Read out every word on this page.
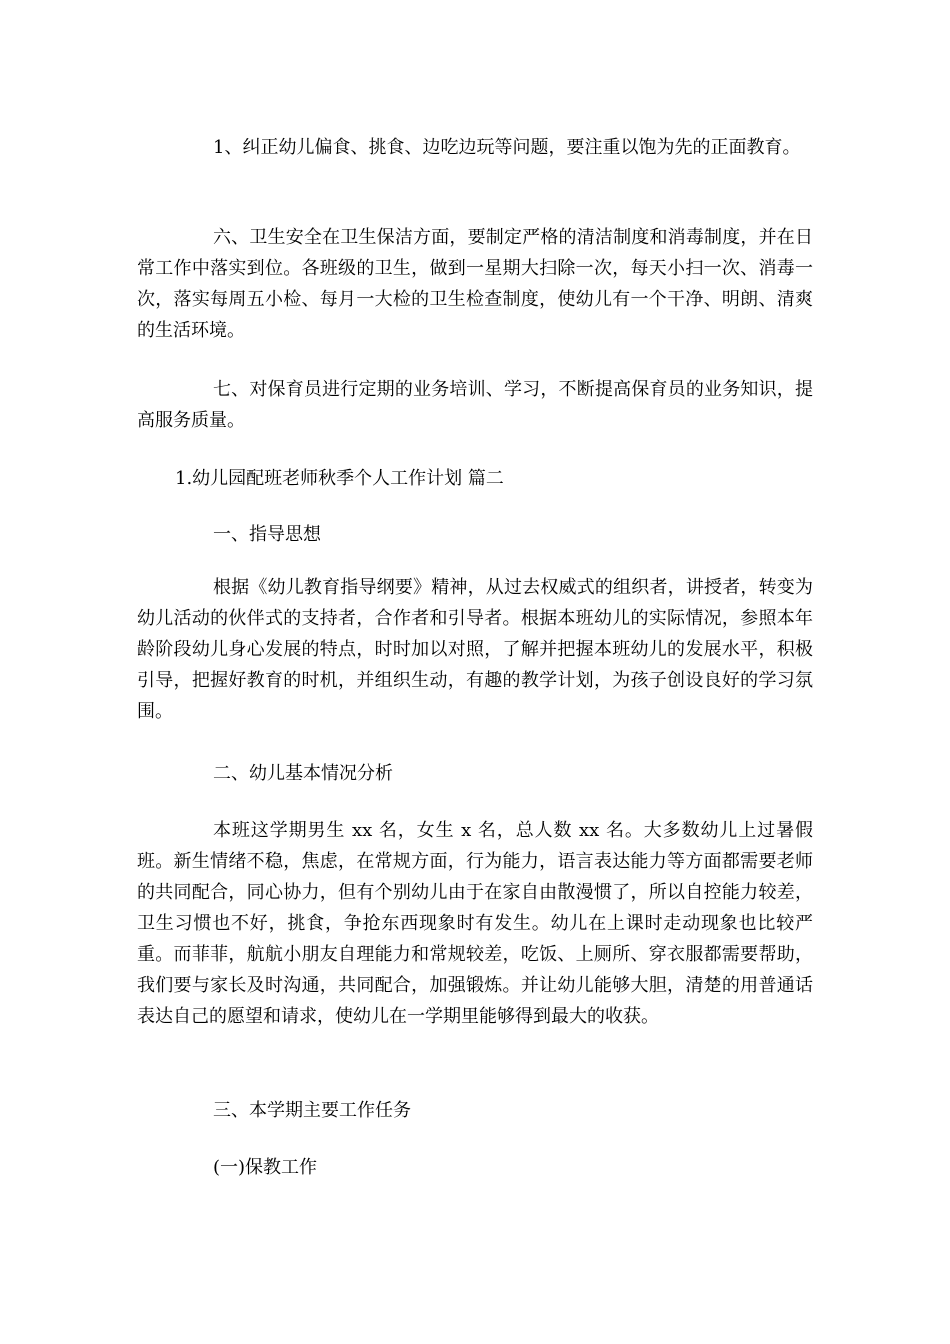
1、纠正幼儿偏食、挑食、边吃边玩等问题，要注重以饱为先的正面教育。

六、卫生安全在卫生保洁方面，要制定严格的清洁制度和消毒制度，并在日常工作中落实到位。各班级的卫生，做到一星期大扫除一次，每天小扫一次、消毒一次，落实每周五小检、每月一大检的卫生检查制度，使幼儿有一个干净、明朗、清爽的生活环境。

七、对保育员进行定期的业务培训、学习，不断提高保育员的业务知识，提高服务质量。

1.幼儿园配班老师秋季个人工作计划 篇二

一、指导思想

根据《幼儿教育指导纲要》精神，从过去权威式的组织者，讲授者，转变为幼儿活动的伙伴式的支持者，合作者和引导者。根据本班幼儿的实际情况，参照本年龄阶段幼儿身心发展的特点，时时加以对照，了解并把握本班幼儿的发展水平，积极引导，把握好教育的时机，并组织生动，有趣的教学计划，为孩子创设良好的学习氛围。

二、幼儿基本情况分析

本班这学期男生 xx 名，女生 x 名，总人数 xx 名。大多数幼儿上过暑假班。新生情绪不稳，焦虑，在常规方面，行为能力，语言表达能力等方面都需要老师的共同配合，同心协力，但有个别幼儿由于在家自由散漫惯了，所以自控能力较差，卫生习惯也不好，挑食，争抢东西现象时有发生。幼儿在上课时走动现象也比较严重。而菲菲，航航小朋友自理能力和常规较差，吃饭、上厕所、穿衣服都需要帮助，我们要与家长及时沟通，共同配合，加强锻炼。并让幼儿能够大胆，清楚的用普通话表达自己的愿望和请求，使幼儿在一学期里能够得到最大的收获。

三、本学期主要工作任务

(一)保教工作
